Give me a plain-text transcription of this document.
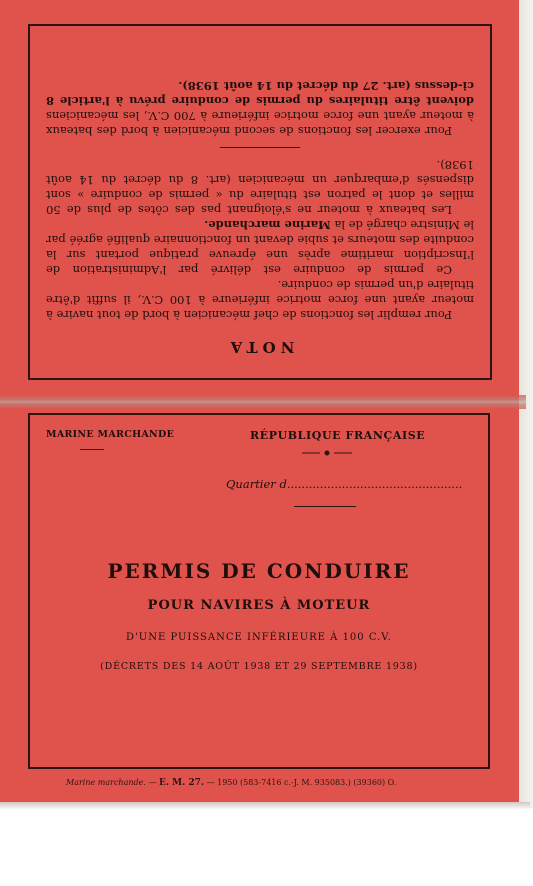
NOTA

Pour remplir les fonctions de chef mécanicien à bord de tout navire à moteur ayant une force motrice inférieure à 100 C.V., il suffit d'être titulaire d'un permis de conduire.

Ce permis de conduire est délivré par l'Administration de l'Inscription maritime après une épreuve pratique portant sur la conduite des moteurs et subie devant un fonctionnaire qualifié agréé par le Ministre chargé de la Marine marchande.

Les bateaux à moteur ne s'éloignant pas des côtes de plus de 50 milles et dont le patron est titulaire du « permis de conduire » sont dispensés d'embarquer un mécanicien (art. 8 du décret du 14 août 1938).

Pour exercer les fonctions de second mécanicien à bord des bateaux à moteur ayant une force motrice inférieure à 700 C.V., les mécaniciens doivent être titulaires du permis de conduire prévu à l'article 8 ci-dessus (art. 27 du décret du 14 août 1938).

MARINE MARCHANDE	RÉPUBLIQUE FRANÇAISE
Quartier d................................................
PERMIS DE CONDUIRE
POUR NAVIRES À MOTEUR
D'UNE PUISSANCE INFÉRIEURE À 100 C.V.
(DÉCRETS DES 14 AOÛT 1938 ET 29 SEPTEMBRE 1938)
Marine marchande. — E. M. 27. — 1950 (583-7416 c.-J. M. 935083.) (39360) O.
